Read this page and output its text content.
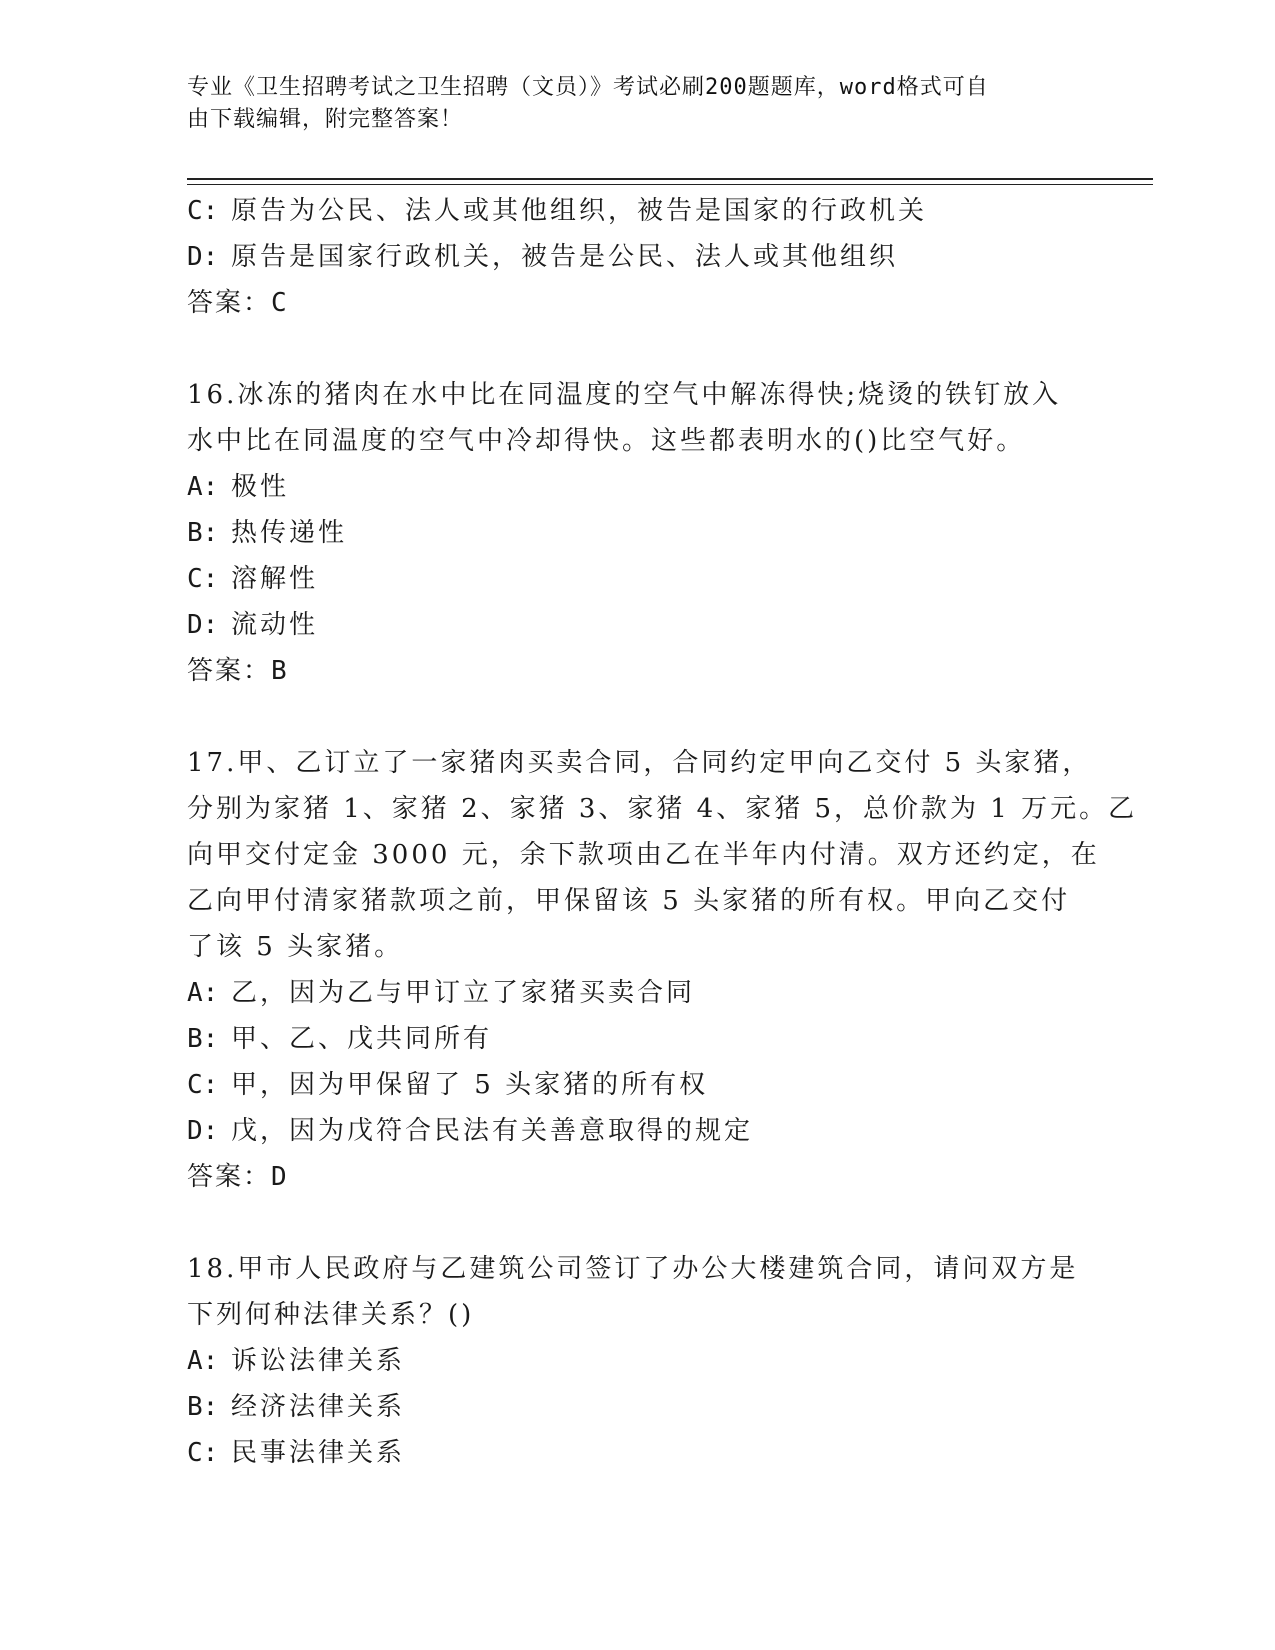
专业《卫生招聘考试之卫生招聘（文员）》考试必刷200题题库，word格式可自
由下载编辑，附完整答案！
C: 原告为公民、法人或其他组织，被告是国家的行政机关
D: 原告是国家行政机关，被告是公民、法人或其他组织
答案：C
16.冰冻的猪肉在水中比在同温度的空气中解冻得快;烧烫的铁钉放入
水中比在同温度的空气中冷却得快。这些都表明水的()比空气好。
A: 极性
B: 热传递性
C: 溶解性
D: 流动性
答案：B
17.甲、乙订立了一家猪肉买卖合同，合同约定甲向乙交付 5 头家猪，
分别为家猪 1、家猪 2、家猪 3、家猪 4、家猪 5，总价款为 1 万元。乙
向甲交付定金 3000 元，余下款项由乙在半年内付清。双方还约定，在
乙向甲付清家猪款项之前，甲保留该 5 头家猪的所有权。甲向乙交付
了该 5 头家猪。
A: 乙，因为乙与甲订立了家猪买卖合同
B: 甲、乙、戊共同所有
C: 甲，因为甲保留了 5 头家猪的所有权
D: 戊，因为戊符合民法有关善意取得的规定
答案：D
18.甲市人民政府与乙建筑公司签订了办公大楼建筑合同，请问双方是
下列何种法律关系？()
A: 诉讼法律关系
B: 经济法律关系
C: 民事法律关系
